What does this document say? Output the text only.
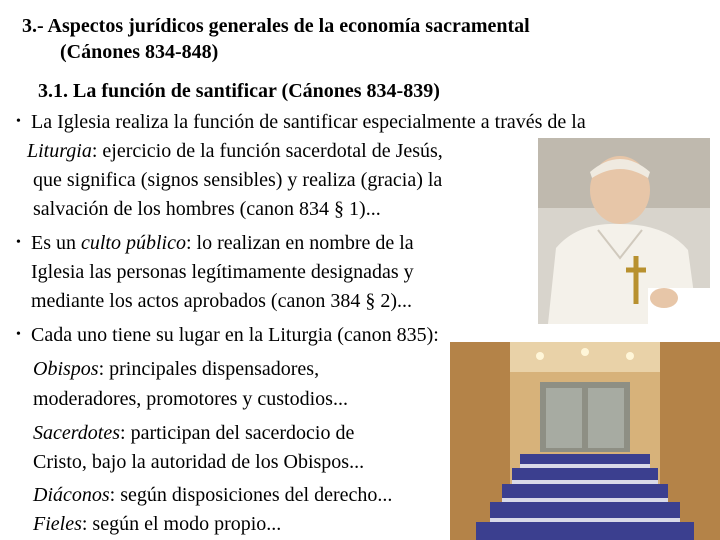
3.- Aspectos jurídicos generales de la economía sacramental
(Cánones 834-848)
3.1. La función de santificar (Cánones 834-839)
• La Iglesia realiza la función de santificar especialmente a través de la
Liturgia: ejercicio de la función sacerdotal de Jesús,
que significa (signos sensibles) y realiza (gracia) la
salvación de los hombres (canon 834 § 1)...
• Es un culto público: lo realizan en nombre de la
Iglesia las personas legítimamente designadas y
mediante los actos aprobados (canon 384 § 2)...
• Cada uno tiene su lugar en la Liturgia (canon 835):
Obispos: principales dispensadores,
moderadores, promotores y custodios...
Sacerdotes: participan del sacerdocio de
Cristo, bajo la autoridad de los Obispos...
Diáconos: según disposiciones del derecho...
Fieles: según el modo propio...
